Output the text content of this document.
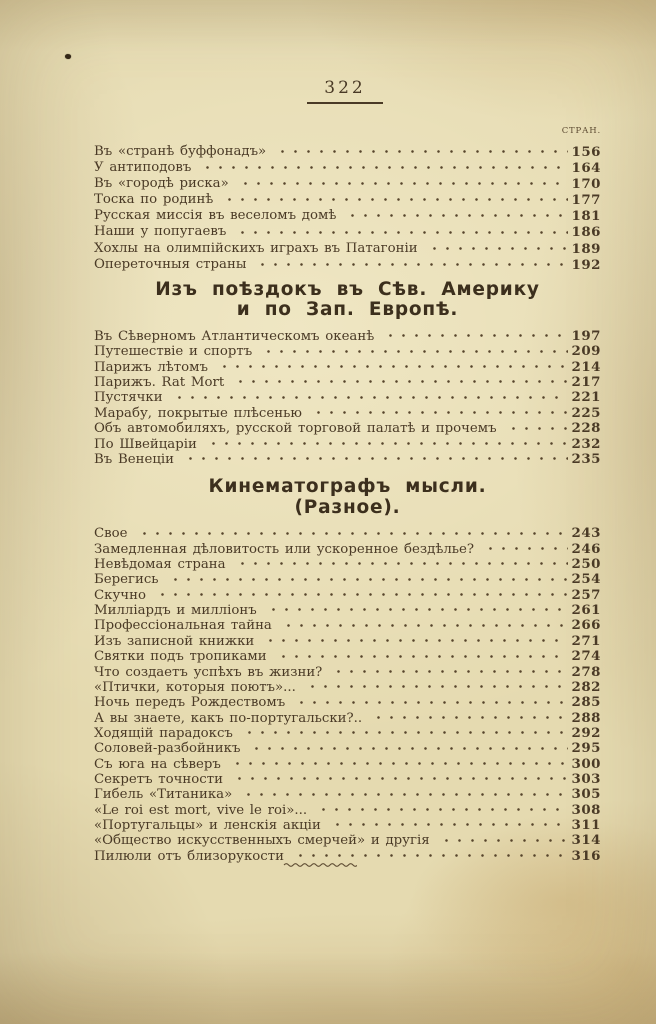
322
СТРАН.
Въ «странѣ буффонадъ»	156
У антиподовъ	164
Въ «городѣ риска»	170
Тоска по родинѣ	177
Русская миссія въ веселомъ домѣ	181
Наши у попугаевъ	186
Хохлы на олимпійскихъ играхъ въ Патагоніи	189
Опереточныя страны	192
Изъ поѣздокъ въ Сѣв. Америку
и по Зап. Европѣ.
Въ Сѣверномъ Атлантическомъ океанѣ	197
Путешествіе и спортъ	209
Парижъ лѣтомъ	214
Парижъ. Rat Mort	217
Пустячки	221
Марабу, покрытые плѣсенью	225
Объ автомобиляхъ, русской торговой палатѣ и прочемъ	228
По Швейцаріи	232
Въ Венеціи	235
Кинематографъ мысли.
(Разное).
Свое	243
Замедленная дѣловитость или ускоренное бездѣлье?	246
Невѣдомая страна	250
Берегись	254
Скучно	257
Милліардъ и милліонъ	261
Профессіональная тайна	266
Изъ записной книжки	271
Святки подъ тропиками	274
Что создаетъ успѣхъ въ жизни?	278
«Птички, которыя поютъ»...	282
Ночь передъ Рождествомъ	285
А вы знаете, какъ по-португальски?..	288
Ходящій парадоксъ	292
Соловей-разбойникъ	295
Съ юга на сѣверъ	300
Секретъ точности	303
Гибель «Титаника»	305
«Le roi est mort, vive le roi»...	308
«Португальцы» и ленскія акціи	311
«Общество искусственныхъ смерчей» и другія	314
Пилюли отъ близорукости	316
